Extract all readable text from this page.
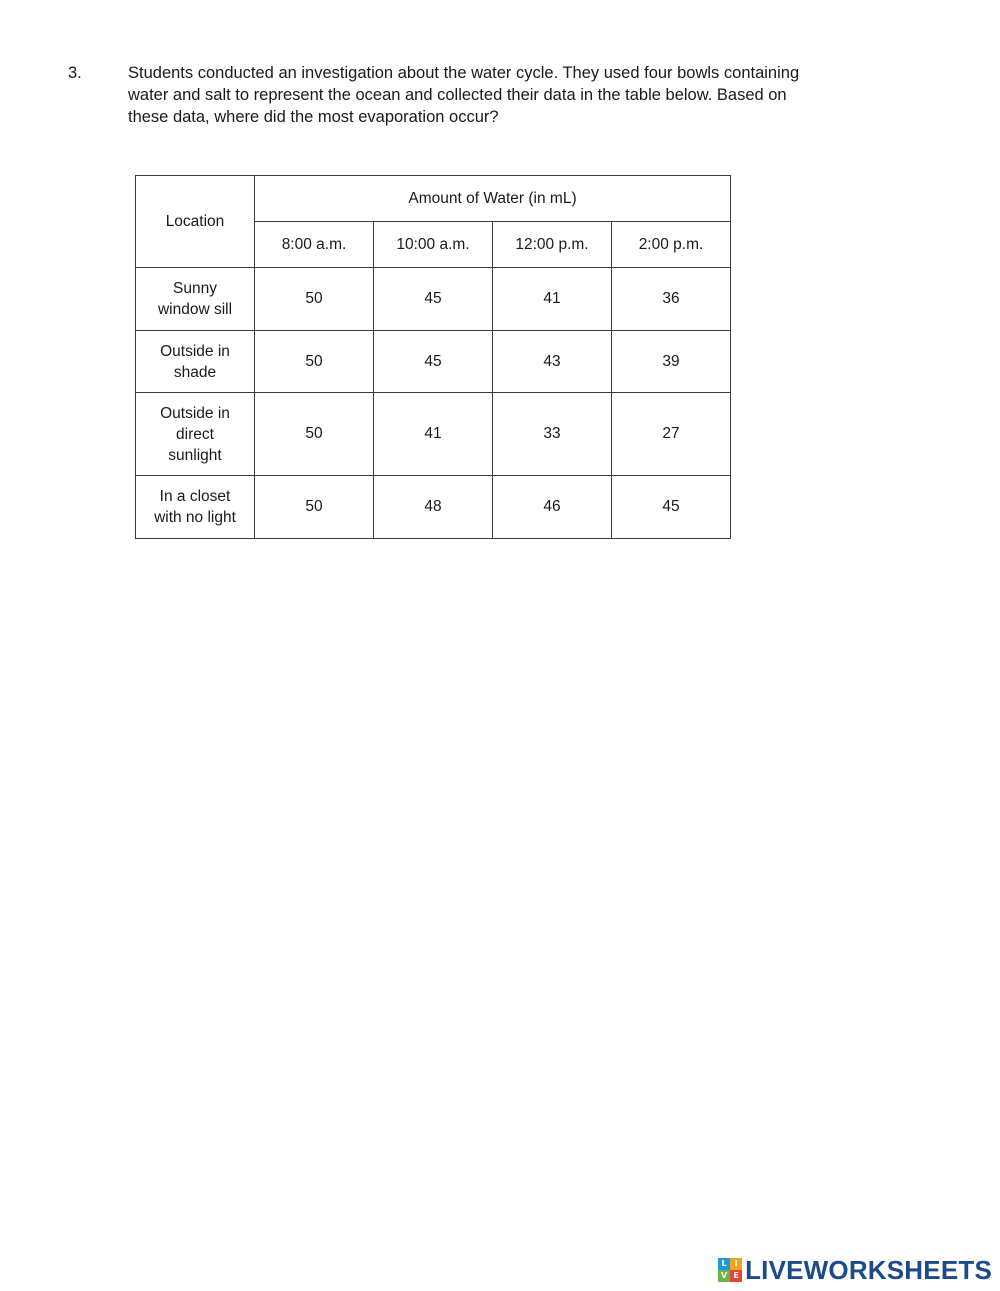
3.	Students conducted an investigation about the water cycle. They used four bowls containing water and salt to represent the ocean and collected their data in the table below. Based on these data, where did the most evaporation occur?
Location	Amount of Water (in mL)			
	8:00 a.m.	10:00 a.m.	12:00 p.m.	2:00 p.m.
Sunny
window sill	50	45	41	36
Outside in
shade	50	45	43	39
Outside in
direct
sunlight	50	41	33	27
In a closet
with no light	50	48	46	45
L I
V E LIVEWORKSHEETS
